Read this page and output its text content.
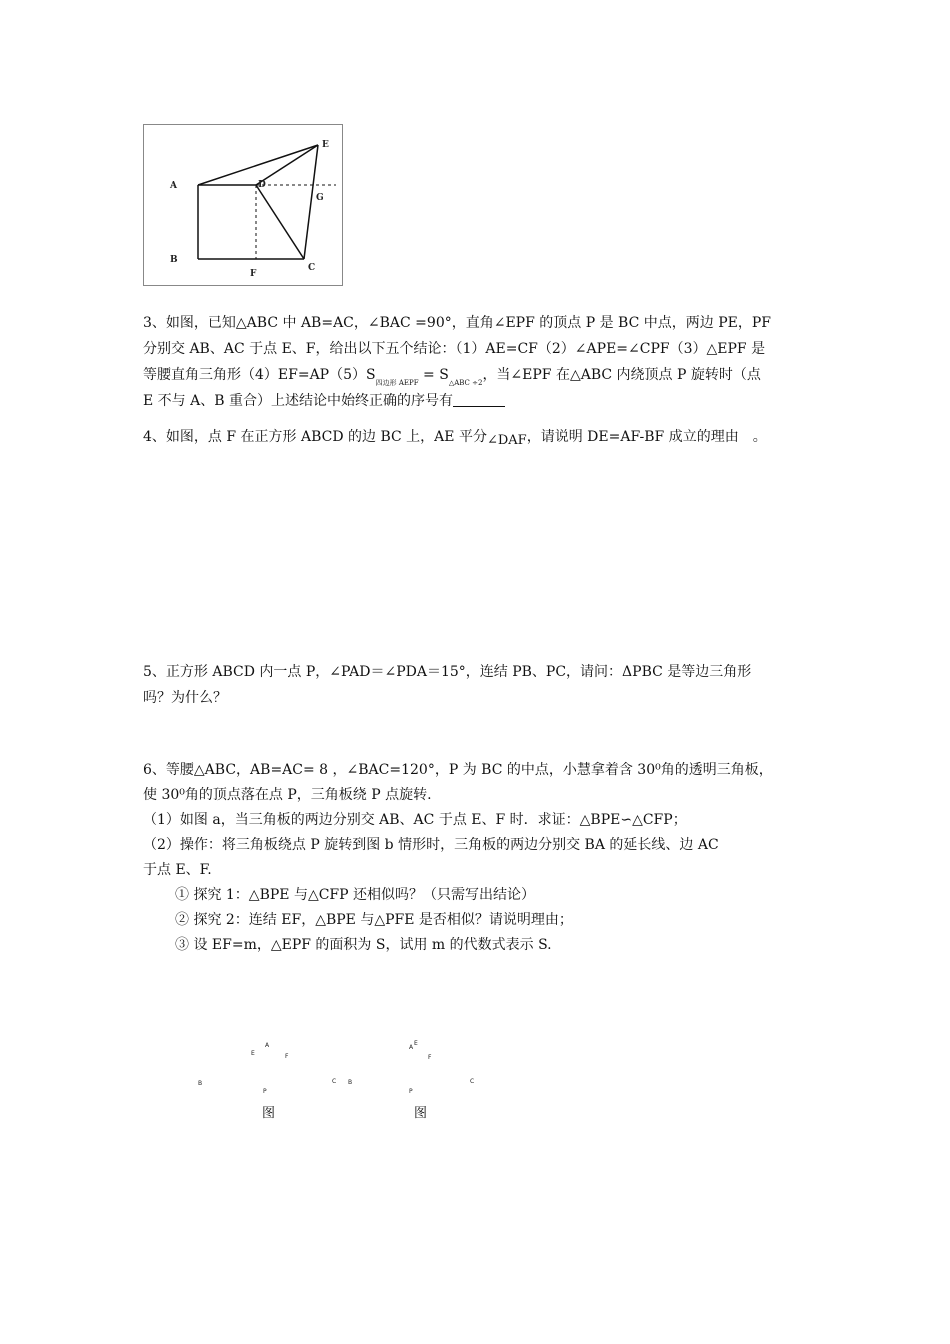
A
B
C
D
E
F
G
3、如图，已知△ABC 中 AB=AC，∠BAC =90°，直角∠EPF 的顶点 P 是 BC 中点，两边 PE，PF
分别交 AB、AC 于点 E、F，给出以下五个结论：（1）AE=CF（2）∠APE=∠CPF（3）△EPF 是
等腰直角三角形$(4)EF=AP(5)S_{四边形 AEPF} = S_{\triangle ABC \div 2}$，当∠EPF 在△ABC 内绕顶点 P 旋转时（点
E 不与 A、B 重合）上述结论中始终正确的序号有
4、如图，点 F 在正方形 ABCD 的边 BC 上，AE 平分∠DAF，请说明 DE=AF-BF 成立的理由 。
5、正方形 ABCD 内一点 P，∠PAD＝∠PDA＝15°，连结 PB、PC，请问：ΔPBC 是等边三角形
吗？为什么？
6、等腰△ABC，AB=AC= 8 ，∠BAC=120°，P 为 BC 的中点，小慧拿着含 30⁰角的透明三角板，
使 30⁰角的顶点落在点 P，三角板绕 P 点旋转.
（1）如图 a，当三角板的两边分别交 AB、AC 于点 E、F 时．求证：△BPE∽△CFP；
（2）操作：将三角板绕点 P 旋转到图 b 情形时，三角板的两边分别交 BA 的延长线、边 AC
于点 E、F.
① 探究 1：△BPE 与△CFP 还相似吗？（只需写出结论）
② 探究 2：连结 EF，△BPE 与△PFE 是否相似？请说明理由；
③ 设 EF=m，△EPF 的面积为 S，试用 m 的代数式表示 S.
A
E	F
B
P
C
图
A
E
F
B
P
C
图
